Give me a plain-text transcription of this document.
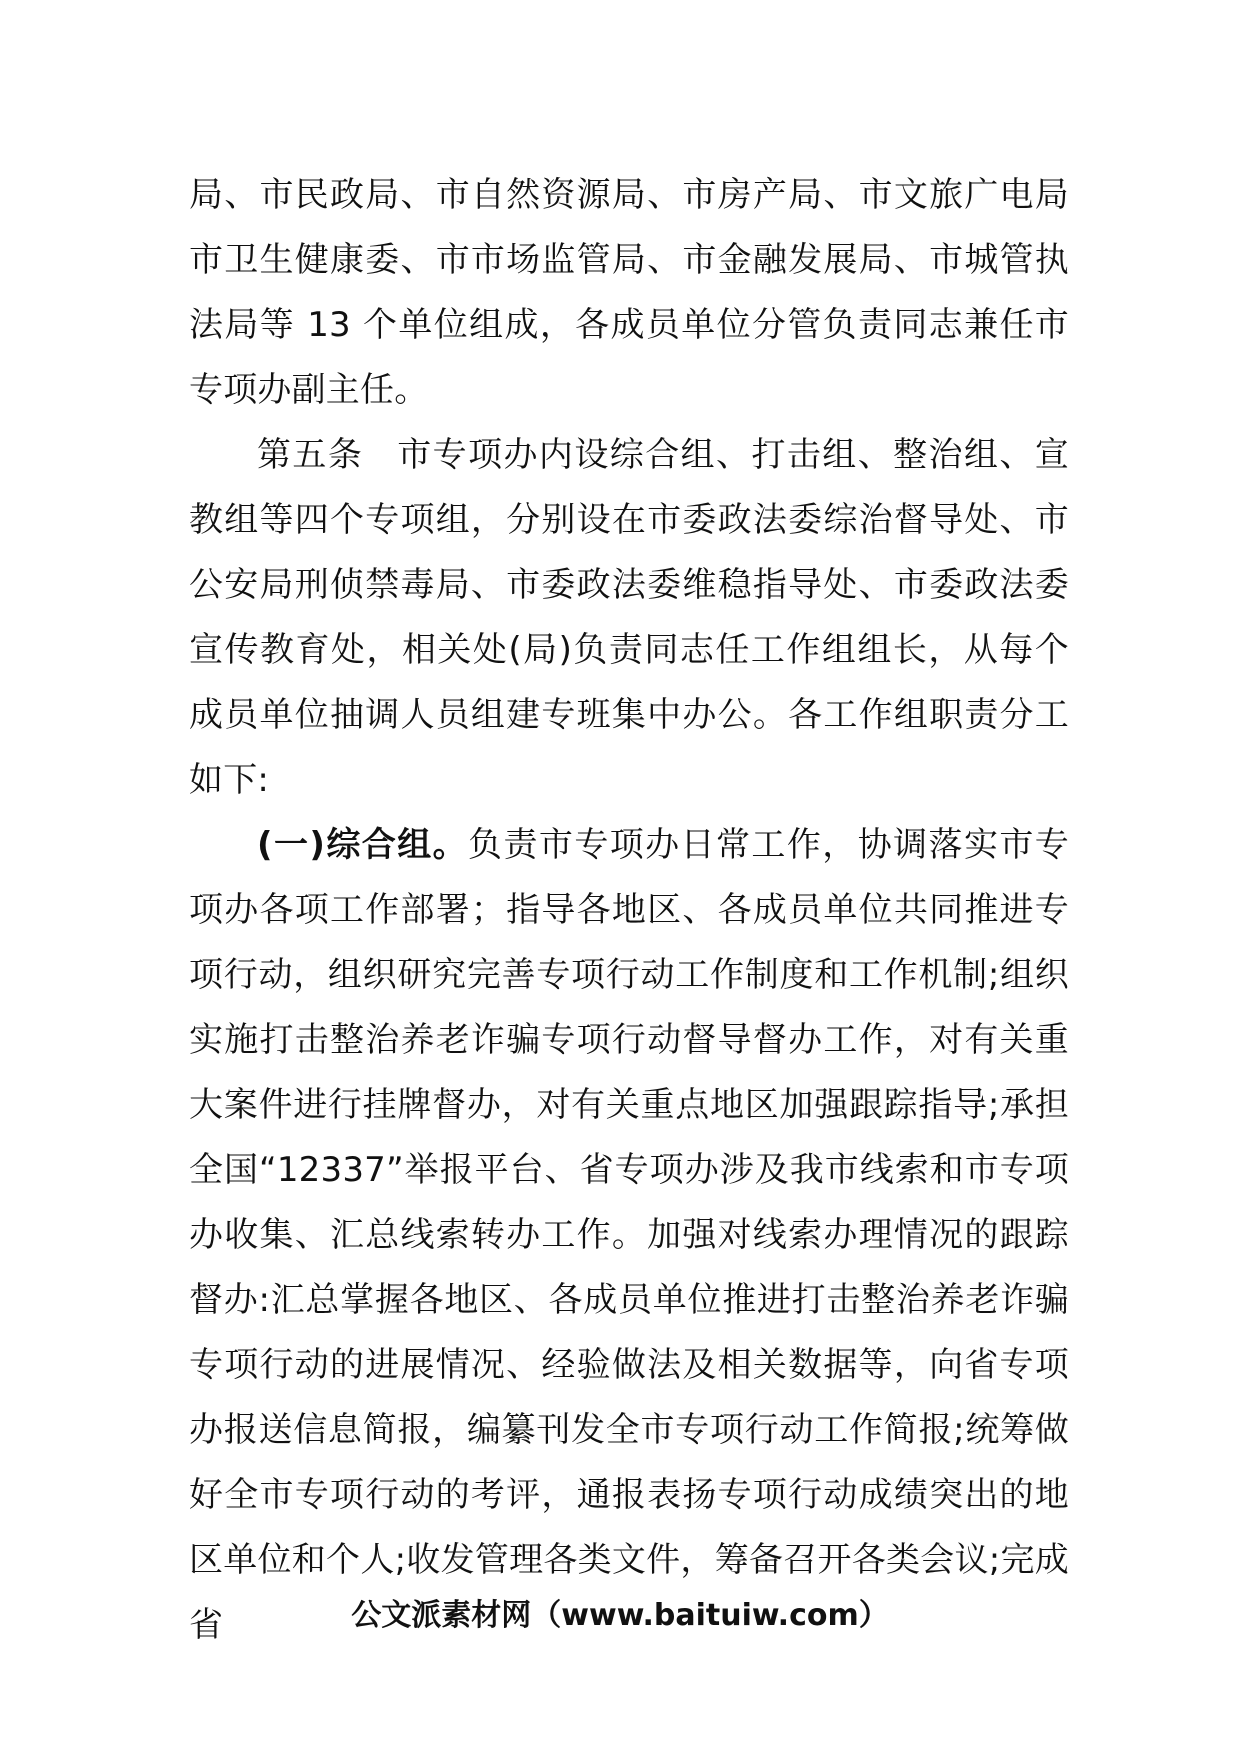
局、市民政局、市自然资源局、市房产局、市文旅广电局市卫生健康委、市市场监管局、市金融发展局、市城管执法局等 13 个单位组成，各成员单位分管负责同志兼任市专项办副主任。

第五条 市专项办内设综合组、打击组、整治组、宣教组等四个专项组，分别设在市委政法委综治督导处、市公安局刑侦禁毒局、市委政法委维稳指导处、市委政法委宣传教育处，相关处(局)负责同志任工作组组长，从每个成员单位抽调人员组建专班集中办公。各工作组职责分工如下:

(一)综合组。负责市专项办日常工作，协调落实市专项办各项工作部署；指导各地区、各成员单位共同推进专项行动，组织研究完善专项行动工作制度和工作机制;组织实施打击整治养老诈骗专项行动督导督办工作，对有关重大案件进行挂牌督办，对有关重点地区加强跟踪指导;承担全国“12337”举报平台、省专项办涉及我市线索和市专项办收集、汇总线索转办工作。加强对线索办理情况的跟踪督办:汇总掌握各地区、各成员单位推进打击整治养老诈骗专项行动的进展情况、经验做法及相关数据等，向省专项办报送信息简报，编纂刊发全市专项行动工作简报;统筹做好全市专项行动的考评，通报表扬专项行动成绩突出的地区单位和个人;收发管理各类文件，筹备召开各类会议;完成省	公文派素材网（www.baituiw.com）
